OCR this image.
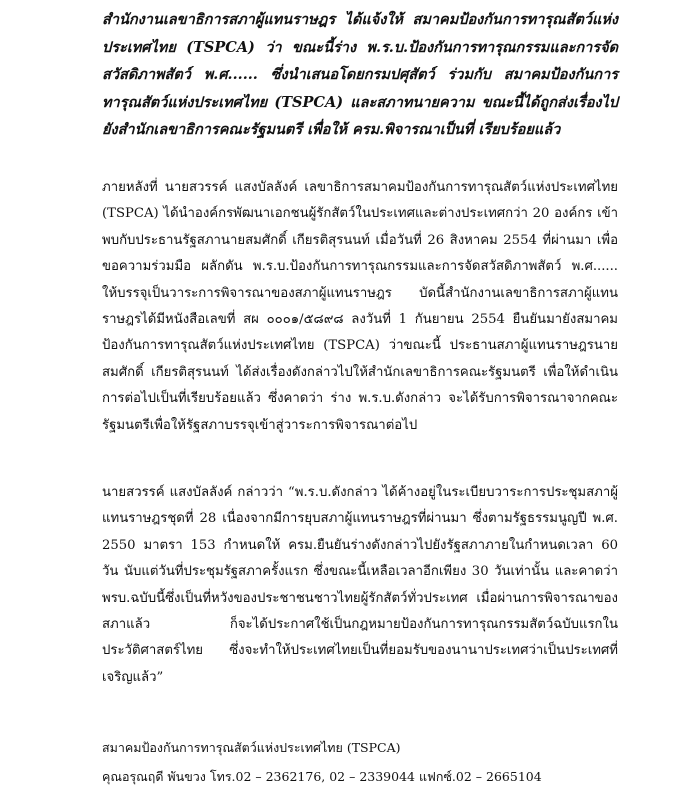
สำนักงานเลขาธิการสภาผู้แทนราษฎร ได้แจ้งให้ สมาคมป้องกันการทารุณสัตว์แห่งประเทศไทย (TSPCA) ว่า ขณะนี้ร่าง พ.ร.บ.ป้องกันการทารุณกรรมและการจัดสวัสดิภาพสัตว์ พ.ศ...... ซึ่งนำเสนอโดยกรมปศุสัตว์ ร่วมกับ สมาคมป้องกันการทารุณสัตว์แห่งประเทศไทย (TSPCA) และสภาทนายความ ขณะนี้ได้ถูกส่งเรื่องไปยังสำนักเลขาธิการคณะรัฐมนตรี เพื่อให้ ครม.พิจารณาเป็นที่ เรียบร้อยแล้ว
ภายหลังที่ นายสวรรค์ แสงบัลลังค์ เลขาธิการสมาคมป้องกันการทารุณสัตว์แห่งประเทศไทย (TSPCA) ได้นำองค์กรพัฒนาเอกชนผู้รักสัตว์ในประเทศและต่างประเทศกว่า 20 องค์กร เข้าพบกับประธานรัฐสภานายสมศักดิ์ เกียรติสุรนนท์ เมื่อวันที่ 26 สิงหาคม 2554 ที่ผ่านมา เพื่อขอความร่วมมือ ผลักดัน พ.ร.บ.ป้องกันการทารุณกรรมและการจัดสวัสดิภาพสัตว์ พ.ศ...... ให้บรรจุเป็นวาระการพิจารณาของสภาผู้แทนราษฎร บัดนี้สำนักงานเลขาธิการสภาผู้แทนราษฎรได้มีหนังสือเลขที่ สผ ๐๐๐๑/๕๘๙๘ ลงวันที่ 1 กันยายน 2554 ยืนยันมายังสมาคมป้องกันการทารุณสัตว์แห่งประเทศไทย (TSPCA) ว่าขณะนี้ ประธานสภาผู้แทนราษฎรนายสมศักดิ์ เกียรติสุรนนท์ ได้ส่งเรื่องดังกล่าวไปให้สำนักเลขาธิการคณะรัฐมนตรี เพื่อให้ดำเนินการต่อไปเป็นที่เรียบร้อยแล้ว ซึ่งคาดว่า ร่าง พ.ร.บ.ดังกล่าว จะได้รับการพิจารณาจากคณะรัฐมนตรีเพื่อให้รัฐสภาบรรจุเข้าสู่วาระการพิจารณาต่อไป
นายสวรรค์ แสงบัลลังค์ กล่าวว่า “พ.ร.บ.ดังกล่าว ได้ค้างอยู่ในระเบียบวาระการประชุมสภาผู้แทนราษฎรชุดที่ 28 เนื่องจากมีการยุบสภาผู้แทนราษฎรที่ผ่านมา ซึ่งตามรัฐธรรมนูญปี พ.ศ. 2550 มาตรา 153 กำหนดให้ ครม.ยืนยันร่างดังกล่าวไปยังรัฐสภาภายในกำหนดเวลา 60 วัน นับแต่วันที่ประชุมรัฐสภาครั้งแรก ซึ่งขณะนี้เหลือเวลาอีกเพียง 30 วันเท่านั้น และคาดว่า พรบ.ฉบับนี้ซึ่งเป็นที่หวังของประชาชนชาวไทยผู้รักสัตว์ทั่วประเทศ เมื่อผ่านการพิจารณาของสภาแล้ว ก็จะได้ประกาศใช้เป็นกฎหมายป้องกันการทารุณกรรมสัตว์ฉบับแรกในประวัติศาสตร์ไทย ซึ่งจะทำให้ประเทศไทยเป็นที่ยอมรับของนานาประเทศว่าเป็นประเทศที่เจริญแล้ว”
สมาคมป้องกันการทารุณสัตว์แห่งประเทศไทย (TSPCA)
คุณอรุณฤดี พันขวง โทร.02 – 2362176, 02 – 2339044 แฟกซ์.02 – 2665104
